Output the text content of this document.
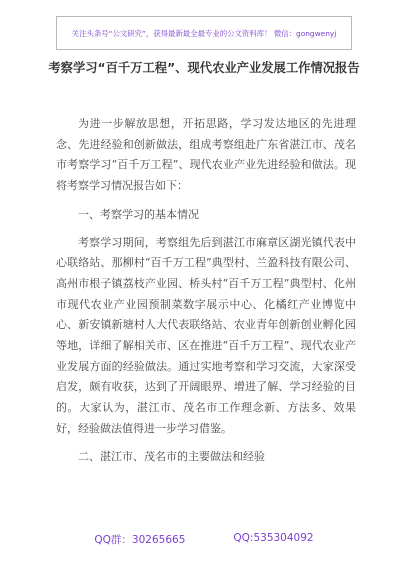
关注头条号“公文研究”，获得最新最全最专业的公文资料库！ 微信：gongwenyj
考察学习“百千万工程”、现代农业产业发展工作情况报告

为进一步解放思想，开拓思路，学习发达地区的先进理念、先进经验和创新做法，组成考察组赴广东省湛江市、茂名市考察学习“百千万工程”、现代农业产业先进经验和做法。现将考察学习情况报告如下：

一、考察学习的基本情况

考察学习期间，考察组先后到湛江市麻章区湖光镇代表中心联络站、那柳村“百千万工程”典型村、兰盈科技有限公司、高州市根子镇荔枝产业园、桥头村“百千万工程”典型村、化州市现代农业产业园预制菜数字展示中心、化橘红产业博览中心、新安镇新塘村人大代表联络站、农业青年创新创业孵化园等地，详细了解相关市、区在推进“百千万工程”、现代农业产业发展方面的经验做法。通过实地考察和学习交流，大家深受启发，颇有收获，达到了开阔眼界、增进了解、学习经验的目的。大家认为，湛江市、茂名市工作理念新、方法多、效果好，经验做法值得进一步学习借鉴。

二、湛江市、茂名市的主要做法和经验

QQ群：30265665	QQ:535304092
